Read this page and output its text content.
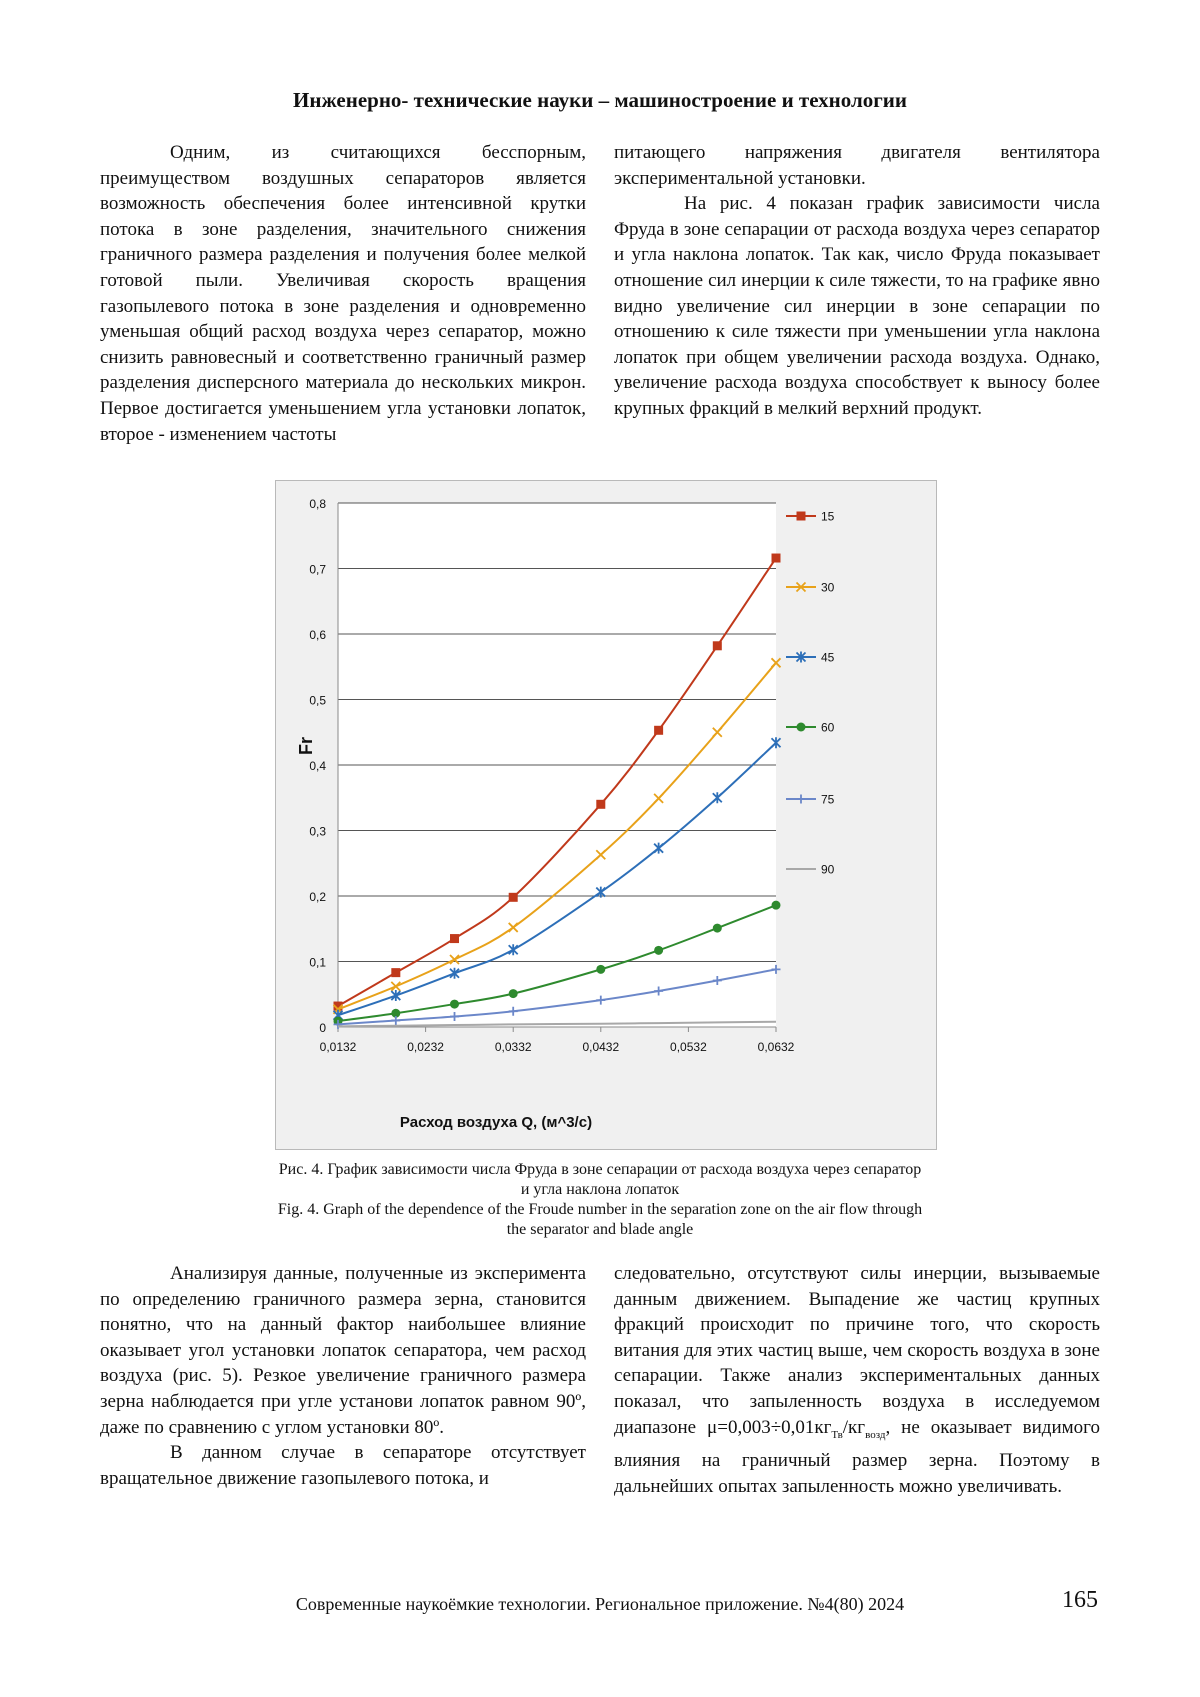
Инженерно- технические науки – машиностроение и технологии

Одним, из считающихся бесспорным, преимуществом воздушных сепараторов является возможность обеспечения более интенсивной крутки потока в зоне разделения, значительного снижения граничного размера разделения и получения более мелкой готовой пыли. Увеличивая скорость вращения газопылевого потока в зоне разделения и одновременно уменьшая общий расход воздуха через сепаратор, можно снизить равновесный и соответственно граничный размер разделения дисперсного материала до нескольких микрон. Первое достигается уменьшением угла установки лопаток, второе - изменением частоты

питающего напряжения двигателя вентилятора экспериментальной установки.

На рис. 4 показан график зависимости числа Фруда в зоне сепарации от расхода воздуха через сепаратор и угла наклона лопаток. Так как, число Фруда показывает отношение сил инерции к силе тяжести, то на графике явно видно увеличение сил инерции в зоне сепарации по отношению к силе тяжести при уменьшении угла наклона лопаток при общем увеличении расхода воздуха. Однако, увеличение расхода воздуха способствует к выносу более крупных фракций в мелкий верхний продукт.

0
0,1
0,2
0,3
0,4
0,5
0,6
0,7
0,8
0,0132	0,0232	0,0332	0,0432	0,0532	0,0632
15
30
45
60
75
90
Fr
Расход воздуха Q, (м^3/с)
Рис. 4. График зависимости числа Фруда в зоне сепарации от расхода воздуха через сепаратор
и угла наклона лопаток
Fig. 4. Graph of the dependence of the Froude number in the separation zone on the air flow through
the separator and blade angle

Анализируя данные, полученные из эксперимента по определению граничного размера зерна, становится понятно, что на данный фактор наибольшее влияние оказывает угол установки лопаток сепаратора, чем расход воздуха (рис. 5). Резкое увеличение граничного размера зерна наблюдается при угле установи лопаток равном 90º, даже по сравнению с углом установки 80º.

В данном случае в сепараторе отсутствует вращательное движение газопылевого потока, и

следовательно, отсутствуют силы инерции, вызываемые данным движением. Выпадение же частиц крупных фракций происходит по причине того, что скорость витания для этих частиц выше, чем скорость воздуха в зоне сепарации. Также анализ экспериментальных данных показал, что запыленность воздуха в исследуемом диапазоне $\mu=0,003\div 0,01кг_{Тв}/кг_{возд}$, не оказывает видимого влияния на граничный размер зерна. Поэтому в дальнейших опытах запыленность можно увеличивать.

Современные наукоёмкие технологии. Региональное приложение. №4(80) 2024	165
